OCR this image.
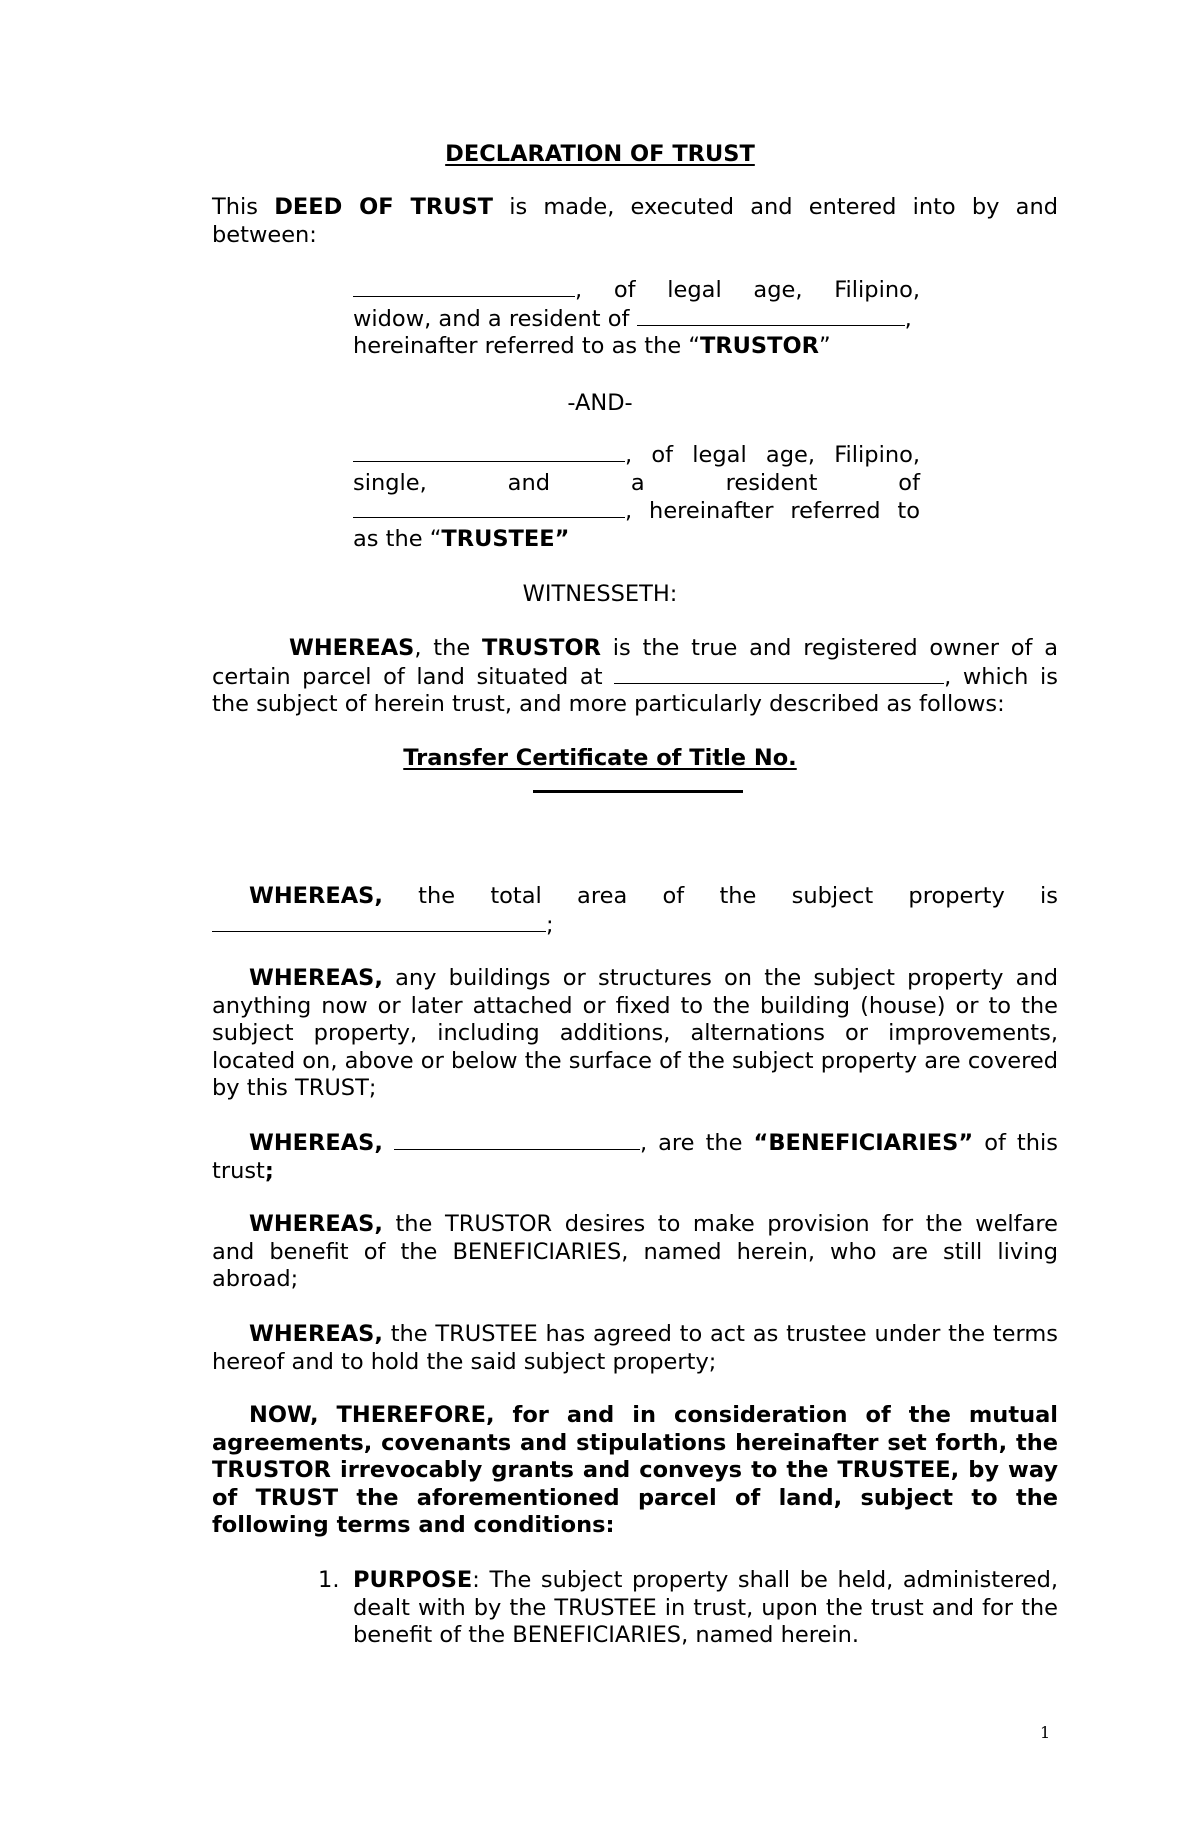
DECLARATION OF TRUST

This DEED OF TRUST is made, executed and entered into by and between:

, of legal age, Filipino,
widow, and a resident of	,
hereinafter referred to as the “TRUSTOR”
-AND-
, of legal age, Filipino,
single, and a resident of
, hereinafter referred to
as the “TRUSTEE”
WITNESSETH:

WHEREAS, the TRUSTOR is the true and registered owner of a certain parcel of land situated at	, which is the subject of herein trust, and more particularly described as follows:

Transfer Certificate of Title No.
WHEREAS, the total area of the subject property is
;

WHEREAS, any buildings or structures on the subject property and anything now or later attached or fixed to the building (house) or to the subject property, including additions, alternations or improvements, located on, above or below the surface of the subject property are covered by this TRUST;

WHEREAS,	, are the “BENEFICIARIES” of this trust;

WHEREAS, the TRUSTOR desires to make provision for the welfare and benefit of the BENEFICIARIES, named herein, who are still living abroad;

WHEREAS, the TRUSTEE has agreed to act as trustee under the terms hereof and to hold the said subject property;

NOW, THEREFORE, for and in consideration of the mutual agreements, covenants and stipulations hereinafter set forth, the TRUSTOR irrevocably grants and conveys to the TRUSTEE, by way of TRUST the aforementioned parcel of land, subject to the following terms and conditions:

1. PURPOSE: The subject property shall be held, administered, dealt with by the TRUSTEE in trust, upon the trust and for the benefit of the BENEFICIARIES, named herein.

1
